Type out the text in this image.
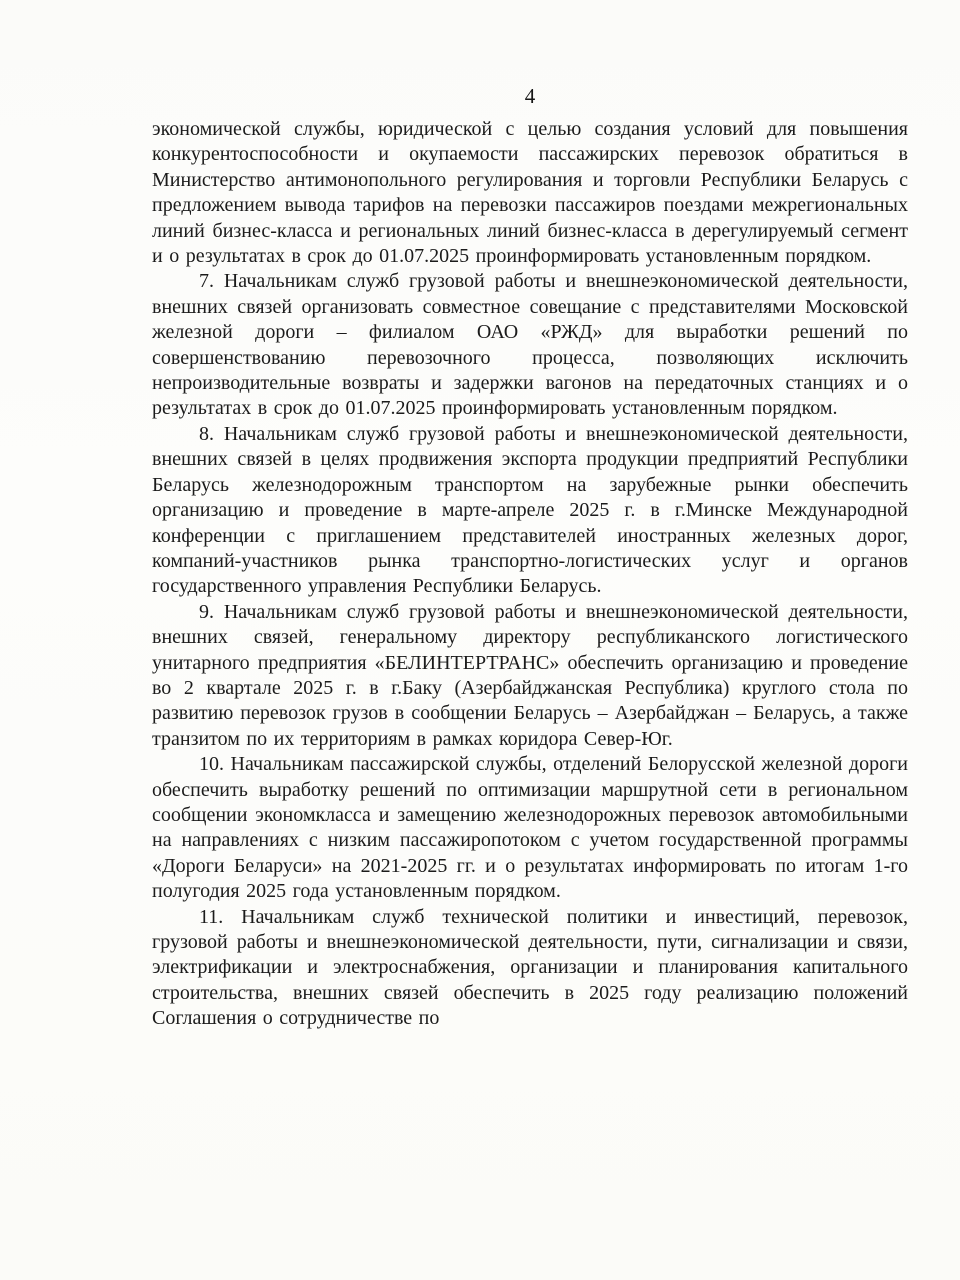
4

экономической службы, юридической с целью создания условий для повышения конкурентоспособности и окупаемости пассажирских перевозок обратиться в Министерство антимонопольного регулирования и торговли Республики Беларусь с предложением вывода тарифов на перевозки пассажиров поездами межрегиональных линий бизнес-класса и региональных линий бизнес-класса в дерегулируемый сегмент и о результатах в срок до 01.07.2025 проинформировать установленным порядком.

7. Начальникам служб грузовой работы и внешнеэкономической деятельности, внешних связей организовать совместное совещание с представителями Московской железной дороги – филиалом ОАО «РЖД» для выработки решений по совершенствованию перевозочного процесса, позволяющих исключить непроизводительные возвраты и задержки вагонов на передаточных станциях и о результатах в срок до 01.07.2025 проинформировать установленным порядком.

8. Начальникам служб грузовой работы и внешнеэкономической деятельности, внешних связей в целях продвижения экспорта продукции предприятий Республики Беларусь железнодорожным транспортом на зарубежные рынки обеспечить организацию и проведение в марте-апреле 2025 г. в г.Минске Международной конференции с приглашением представителей иностранных железных дорог, компаний-участников рынка транспортно-логистических услуг и органов государственного управления Республики Беларусь.

9. Начальникам служб грузовой работы и внешнеэкономической деятельности, внешних связей, генеральному директору республиканского логистического унитарного предприятия «БЕЛИНТЕРТРАНС» обеспечить организацию и проведение во 2 квартале 2025 г. в г.Баку (Азербайджанская Республика) круглого стола по развитию перевозок грузов в сообщении Беларусь – Азербайджан – Беларусь, а также транзитом по их территориям в рамках коридора Север-Юг.

10. Начальникам пассажирской службы, отделений Белорусской железной дороги обеспечить выработку решений по оптимизации маршрутной сети в региональном сообщении экономкласса и замещению железнодорожных перевозок автомобильными на направлениях с низким пассажиропотоком с учетом государственной программы «Дороги Беларуси» на 2021-2025 гг. и о результатах информировать по итогам 1-го полугодия 2025 года установленным порядком.

11. Начальникам служб технической политики и инвестиций, перевозок, грузовой работы и внешнеэкономической деятельности, пути, сигнализации и связи, электрификации и электроснабжения, организации и планирования капитального строительства, внешних связей обеспечить в 2025 году реализацию положений Соглашения о сотрудничестве по
